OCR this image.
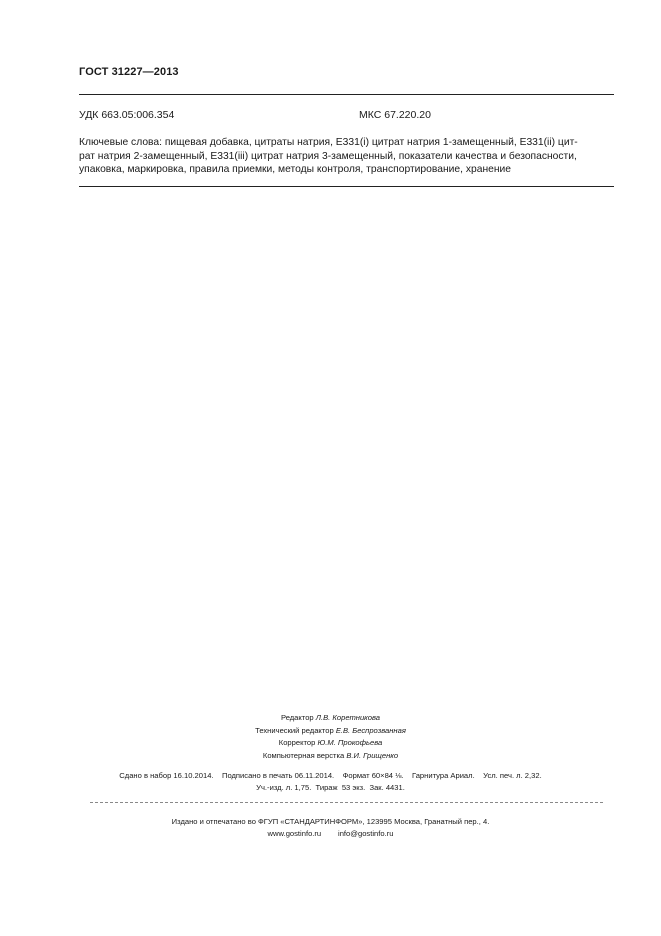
ГОСТ 31227—2013
УДК 663.05:006.354	МКС 67.220.20
Ключевые слова: пищевая добавка, цитраты натрия, Е331(i) цитрат натрия 1-замещенный, Е331(ii) цит-
рат натрия 2-замещенный, Е331(iii) цитрат натрия 3-замещенный, показатели качества и безопасности,
упаковка, маркировка, правила приемки, методы контроля, транспортирование, хранение
Редактор Л.В. Коретникова
Технический редактор Е.В. Беспрозванная
Корректор Ю.М. Прокофьева
Компьютерная верстка В.И. Грищенко
Сдано в набор 16.10.2014.    Подписано в печать 06.11.2014.    Формат 60×84 ⅛.    Гарнитура Ариал.    Усл. печ. л. 2,32.
Уч.-изд. л. 1,75.  Тираж  53 экз.  Зак. 4431.
Издано и отпечатано во ФГУП «СТАНДАРТИНФОРМ», 123995 Москва, Гранатный пер., 4.
www.gostinfo.ru        info@gostinfo.ru
